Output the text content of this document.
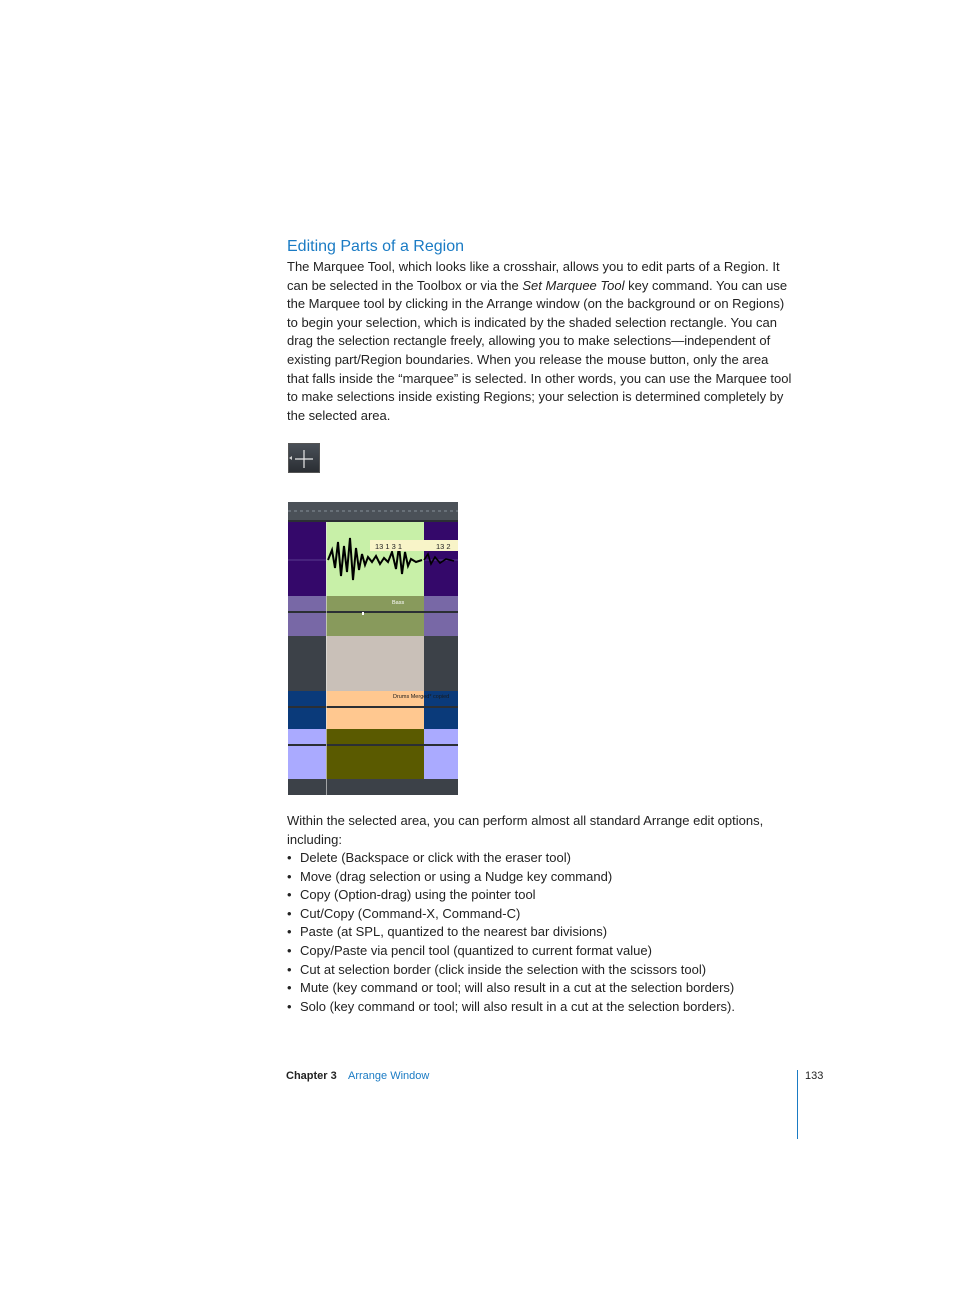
Editing Parts of a Region

The Marquee Tool, which looks like a crosshair, allows you to edit parts of a Region. It can be selected in the Toolbox or via the Set Marquee Tool key command. You can use the Marquee tool by clicking in the Arrange window (on the background or on Regions) to begin your selection, which is indicated by the shaded selection rectangle. You can drag the selection rectangle freely, allowing you to make selections—independent of existing part/Region boundaries. When you release the mouse button, only the area that falls inside the “marquee” is selected. In other words, you can use the Marquee tool to make selections inside existing Regions; your selection is determined completely by the selected area.

13 1 3 1	13 2
Bass
Drums Merged* copied

Within the selected area, you can perform almost all standard Arrange edit options, including:

• Delete (Backspace or click with the eraser tool)
• Move (drag selection or using a Nudge key command)
• Copy (Option-drag) using the pointer tool
• Cut/Copy (Command-X, Command-C)
• Paste (at SPL, quantized to the nearest bar divisions)
• Copy/Paste via pencil tool (quantized to current format value)
• Cut at selection border (click inside the selection with the scissors tool)
• Mute (key command or tool; will also result in a cut at the selection borders)
• Solo (key command or tool; will also result in a cut at the selection borders).
Chapter 3 Arrange Window	133
